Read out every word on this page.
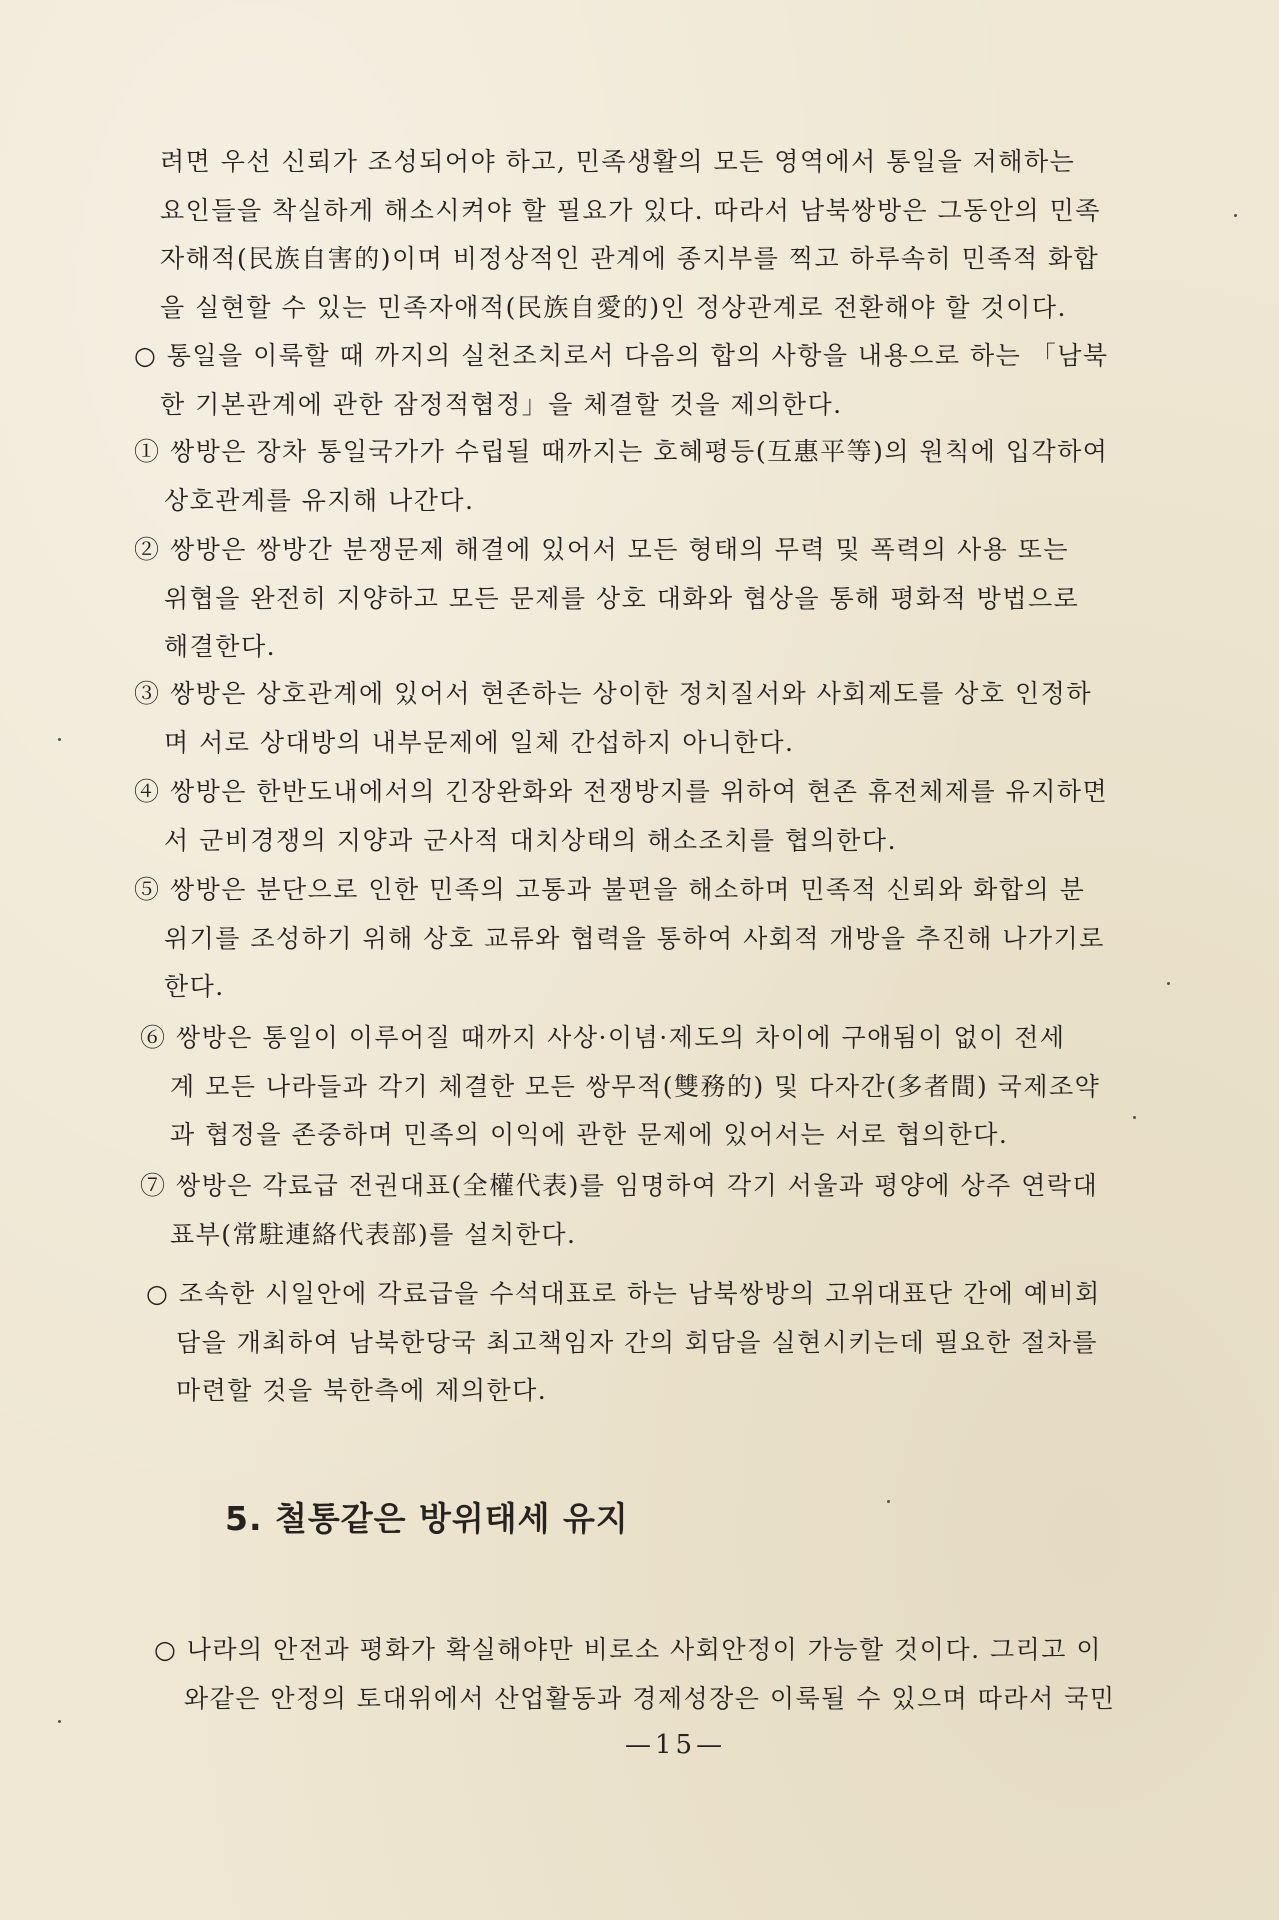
려면 우선 신뢰가 조성되어야 하고, 민족생활의 모든 영역에서 통일을 저해하는
요인들을 착실하게 해소시켜야 할 필요가 있다. 따라서 남북쌍방은 그동안의 민족
자해적(民族自害的)이며 비정상적인 관계에 종지부를 찍고 하루속히 민족적 화합
을 실현할 수 있는 민족자애적(民族自愛的)인 정상관계로 전환해야 할 것이다.
○ 통일을 이룩할 때 까지의 실천조치로서 다음의 합의 사항을 내용으로 하는 「남북
한 기본관계에 관한 잠정적협정」을 체결할 것을 제의한다.
① 쌍방은 장차 통일국가가 수립될 때까지는 호혜평등(互惠平等)의 원칙에 입각하여
상호관계를 유지해 나간다.
② 쌍방은 쌍방간 분쟁문제 해결에 있어서 모든 형태의 무력 및 폭력의 사용 또는
위협을 완전히 지양하고 모든 문제를 상호 대화와 협상을 통해 평화적 방법으로
해결한다.
③ 쌍방은 상호관계에 있어서 현존하는 상이한 정치질서와 사회제도를 상호 인정하
며 서로 상대방의 내부문제에 일체 간섭하지 아니한다.
④ 쌍방은 한반도내에서의 긴장완화와 전쟁방지를 위하여 현존 휴전체제를 유지하면
서 군비경쟁의 지양과 군사적 대치상태의 해소조치를 협의한다.
⑤ 쌍방은 분단으로 인한 민족의 고통과 불편을 해소하며 민족적 신뢰와 화합의 분
위기를 조성하기 위해 상호 교류와 협력을 통하여 사회적 개방을 추진해 나가기로
한다.
⑥ 쌍방은 통일이 이루어질 때까지 사상·이념·제도의 차이에 구애됨이 없이 전세
계 모든 나라들과 각기 체결한 모든 쌍무적(雙務的) 및 다자간(多者間) 국제조약
과 협정을 존중하며 민족의 이익에 관한 문제에 있어서는 서로 협의한다.
⑦ 쌍방은 각료급 전권대표(全權代表)를 임명하여 각기 서울과 평양에 상주 연락대
표부(常駐連絡代表部)를 설치한다.
○ 조속한 시일안에 각료급을 수석대표로 하는 남북쌍방의 고위대표단 간에 예비회
담을 개최하여 남북한당국 최고책임자 간의 회담을 실현시키는데 필요한 절차를
마련할 것을 북한측에 제의한다.
5. 철통같은 방위태세 유지
○ 나라의 안전과 평화가 확실해야만 비로소 사회안정이 가능할 것이다. 그리고 이
와같은 안정의 토대위에서 산업활동과 경제성장은 이룩될 수 있으며 따라서 국민
—15—
